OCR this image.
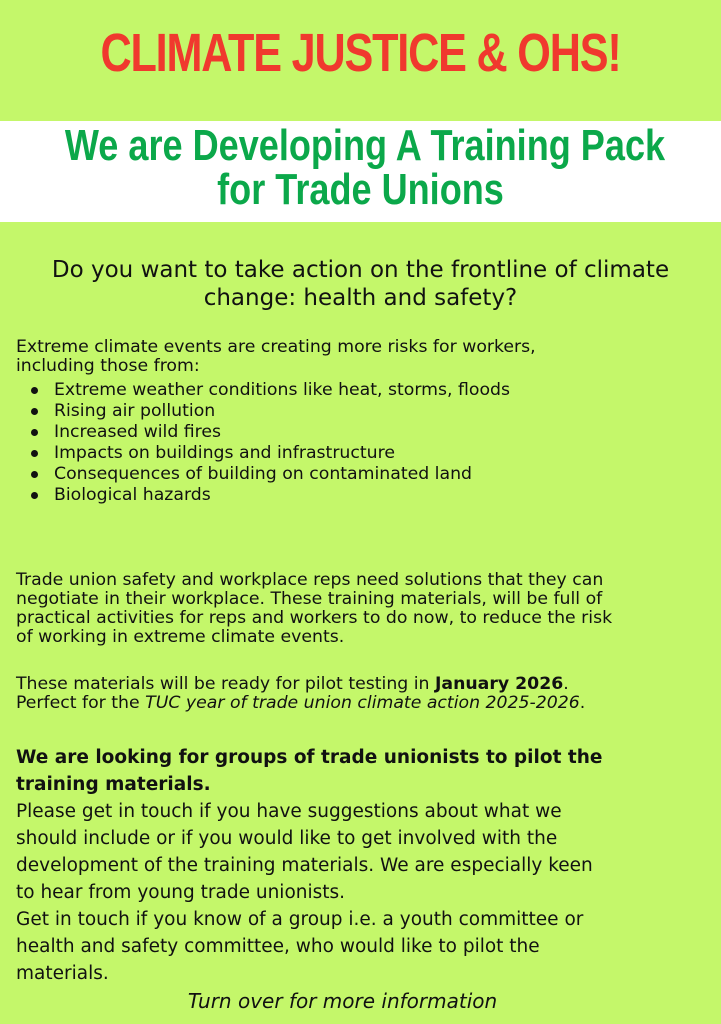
CLIMATE JUSTICE & OHS!
We are Developing A Training Pack
for Trade Unions
Do you want to take action on the frontline of climate
change: health and safety?
Extreme climate events are creating more risks for workers,
including those from:
Extreme weather conditions like heat, storms, floods
Rising air pollution
Increased wild fires
Impacts on buildings and infrastructure
Consequences of building on contaminated land
Biological hazards
Trade union safety and workplace reps need solutions that they can
negotiate in their workplace. These training materials, will be full of
practical activities for reps and workers to do now, to reduce the risk
of working in extreme climate events.
These materials will be ready for pilot testing in January 2026.
Perfect for the TUC year of trade union climate action 2025-2026.
We are looking for groups of trade unionists to pilot the
training materials.
Please get in touch if you have suggestions about what we
should include or if you would like to get involved with the
development of the training materials. We are especially keen
to hear from young trade unionists.
Get in touch if you know of a group i.e. a youth committee or
health and safety committee, who would like to pilot the
materials.
Turn over for more information
